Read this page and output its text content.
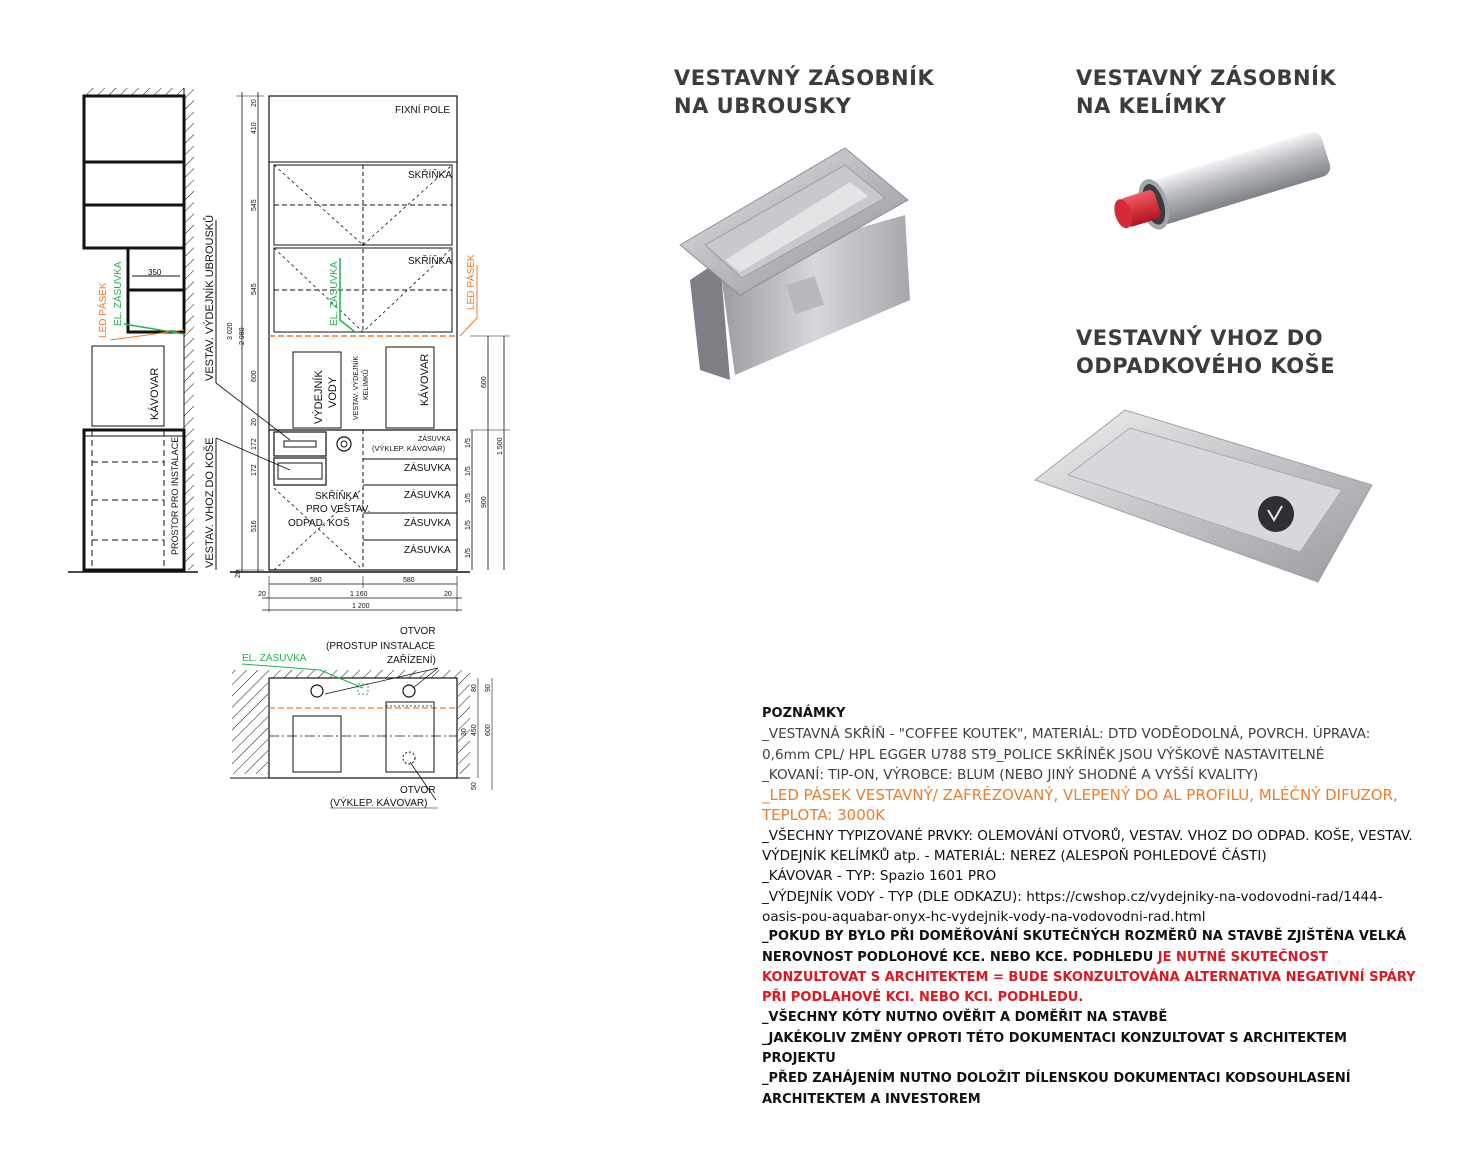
350
KÁVOVAR
PROSTOR PRO INSTALACE
EL. ZÁSUVKA
LED PÁSEK	VESTAV. VÝDEJNÍK UBROUSKŮ
VESTAV. VHOZ DO KOŠE
FIXNÍ POLE
SKŘÍŇKA
SKŘÍŇKA
EL. ZÁSUVKA	LED PÁSEK
VÝDEJNÍK VODY VESTAV. VÝDEJNÍK KELÍMKŮ	KÁVOVAR
ZÁSUVKA
(VÝKLEP. KÁVOVAR)
ZÁSUVKA
ZÁSUVKA
ZÁSUVKA
ZÁSUVKA
SKŘÍŇKA
PRO VESTAV.
ODPAD. KOŠ
20
410
545
545
600
20
172
172
516
20
3 020 2 980
600
1 500
900
1/5
1/5
1/5
1/5
1/5
580	580
20	1 160	20
1 200
OTVOR
(PROSTUP INSTALACE
ZAŘÍZENÍ)
EL. ZÁSUVKA
OTVOR
(VÝKLEP. KÁVOVAR)
80 90
450
50
30 600
VESTAVNÝ ZÁSOBNÍK
NA UBROUSKY
VESTAVNÝ ZÁSOBNÍK
NA KELÍMKY
VESTAVNÝ VHOZ DO
ODPADKOVÉHO KOŠE
POZNÁMKY
_VESTAVNÁ SKŘÍŇ - "COFFEE KOUTEK", MATERIÁL: DTD VODĚODOLNÁ, POVRCH. ÚPRAVA: 0,6mm CPL/ HPL EGGER U788 ST9_POLICE SKŘÍNĚK JSOU VÝŠKOVĚ NASTAVITELNÉ
_KOVANÍ: TIP-ON, VÝROBCE: BLUM (NEBO JINÝ SHODNÉ A VYŠŠÍ KVALITY)
_LED PÁSEK VESTAVNÝ/ ZAFRÉZOVANÝ, VLEPENÝ DO AL PROFILU, MLÉČNÝ DIFUZOR, TEPLOTA: 3000K
_VŠECHNY TYPIZOVANÉ PRVKY: OLEMOVÁNÍ OTVORŮ, VESTAV. VHOZ DO ODPAD. KOŠE, VESTAV. VÝDEJNÍK KELÍMKŮ atp. - MATERIÁL: NEREZ (ALESPOŇ POHLEDOVÉ ČÁSTI)
_KÁVOVAR - TYP: Spazio 1601 PRO
_VÝDEJNÍK VODY - TYP (DLE ODKAZU): https://cwshop.cz/vydejniky-na-vodovodni-rad/1444-oasis-pou-aquabar-onyx-hc-vydejnik-vody-na-vodovodni-rad.html
_POKUD BY BYLO PŘI DOMĚŘOVÁNÍ SKUTEČNÝCH ROZMĚRŮ NA STAVBĚ ZJIŠTĚNA VELKÁ NEROVNOST PODLOHOVÉ KCE. NEBO KCE. PODHLEDU JE NUTNÉ SKUTEČNOST KONZULTOVAT S ARCHITEKTEM = BUDE SKONZULTOVÁNA ALTERNATIVA NEGATIVNÍ SPÁRY PŘI PODLAHOVÉ KCI. NEBO KCI. PODHLEDU.
_VŠECHNY KÓTY NUTNO OVĚŘIT A DOMĚŘIT NA STAVBĚ
_JAKÉKOLIV ZMĚNY OPROTI TÉTO DOKUMENTACI KONZULTOVAT S ARCHITEKTEM PROJEKTU
_PŘED ZAHÁJENÍM NUTNO DOLOŽIT DÍLENSKOU DOKUMENTACI KODSOUHLASENÍ ARCHITEKTEM A INVESTOREM
